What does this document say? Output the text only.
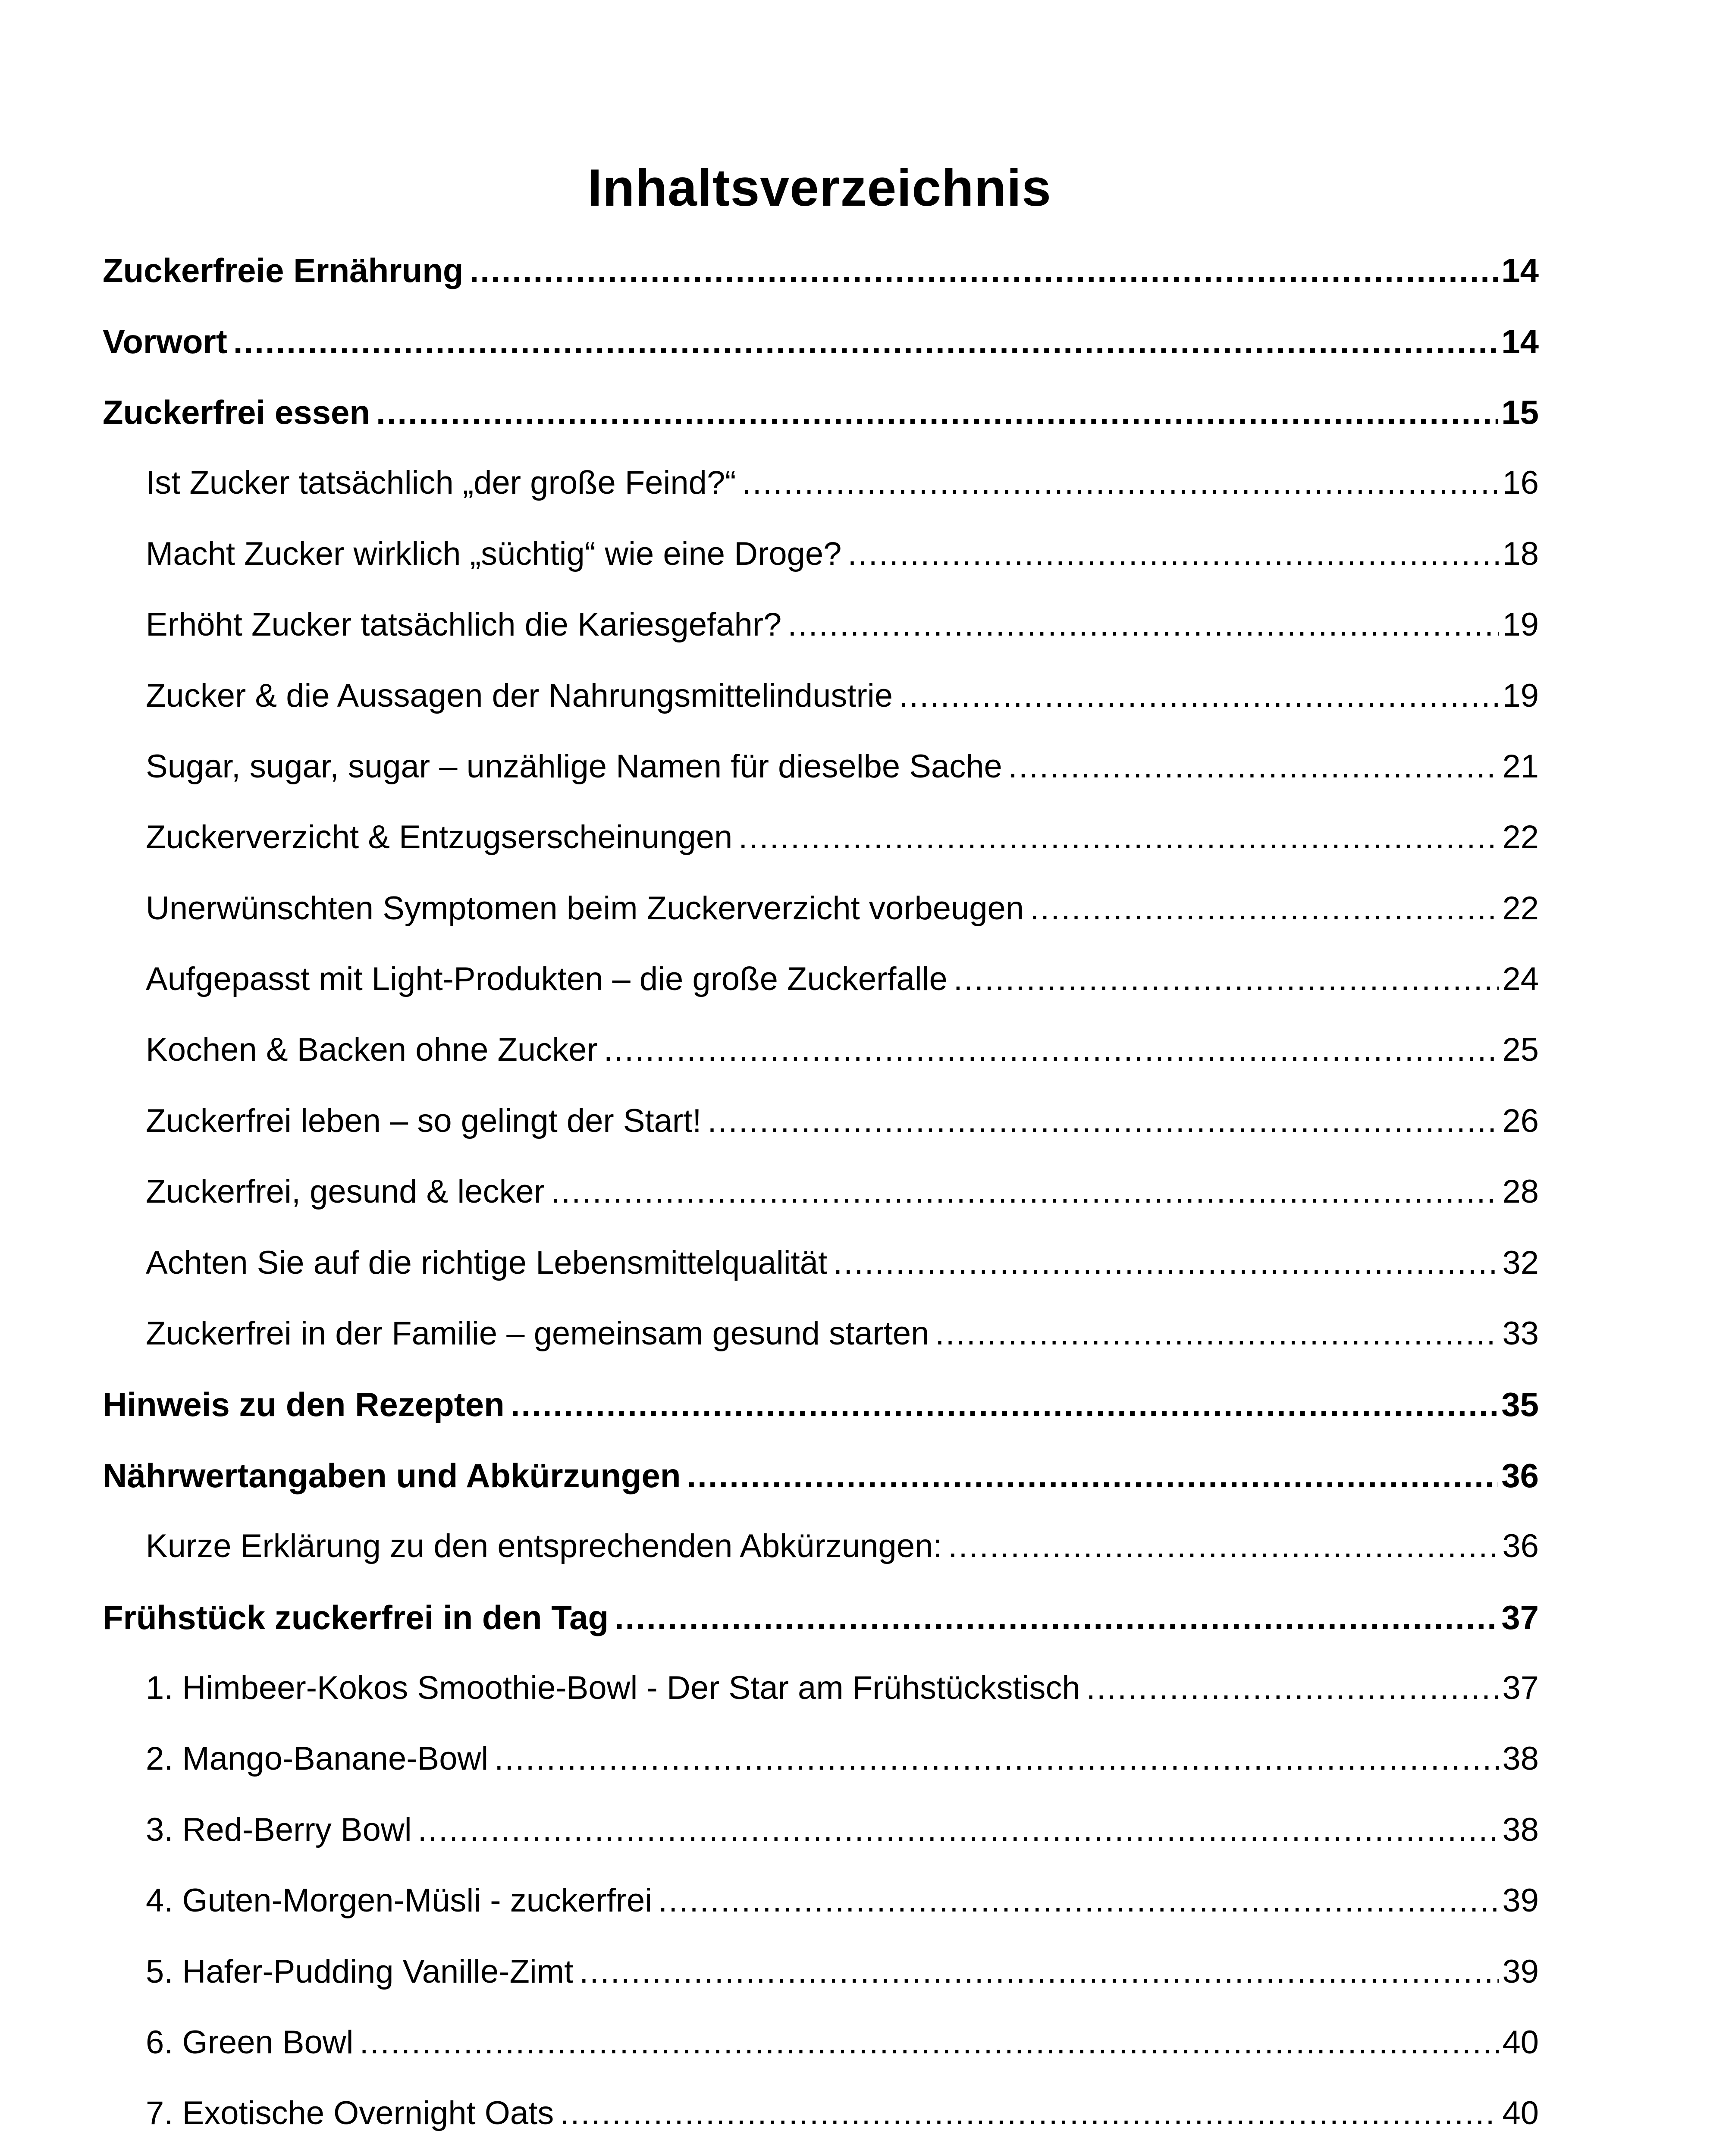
Inhaltsverzeichnis
Zuckerfreie Ernährung .....	14
Vorwort .....	14
Zuckerfrei essen .....	15
Ist Zucker tatsächlich „der große Feind?“ .....	16
Macht Zucker wirklich „süchtig“ wie eine Droge? .....	18
Erhöht Zucker tatsächlich die Kariesgefahr? .....	19
Zucker & die Aussagen der Nahrungsmittelindustrie .....	19
Sugar, sugar, sugar – unzählige Namen für dieselbe Sache .....	21
Zuckerverzicht & Entzugserscheinungen .....	22
Unerwünschten Symptomen beim Zuckerverzicht vorbeugen .....	22
Aufgepasst mit Light-Produkten – die große Zuckerfalle .....	24
Kochen & Backen ohne Zucker .....	25
Zuckerfrei leben – so gelingt der Start! .....	26
Zuckerfrei, gesund & lecker .....	28
Achten Sie auf die richtige Lebensmittelqualität .....	32
Zuckerfrei in der Familie – gemeinsam gesund starten .....	33
Hinweis zu den Rezepten .....	35
Nährwertangaben und Abkürzungen .....	36
Kurze Erklärung zu den entsprechenden Abkürzungen: .....	36
Frühstück zuckerfrei in den Tag .....	37
1. Himbeer-Kokos Smoothie-Bowl - Der Star am Frühstückstisch .....	37
2. Mango-Banane-Bowl .....	38
3. Red-Berry Bowl .....	38
4. Guten-Morgen-Müsli - zuckerfrei .....	39
5. Hafer-Pudding Vanille-Zimt .....	39
6. Green Bowl .....	40
7. Exotische Overnight Oats .....	40
